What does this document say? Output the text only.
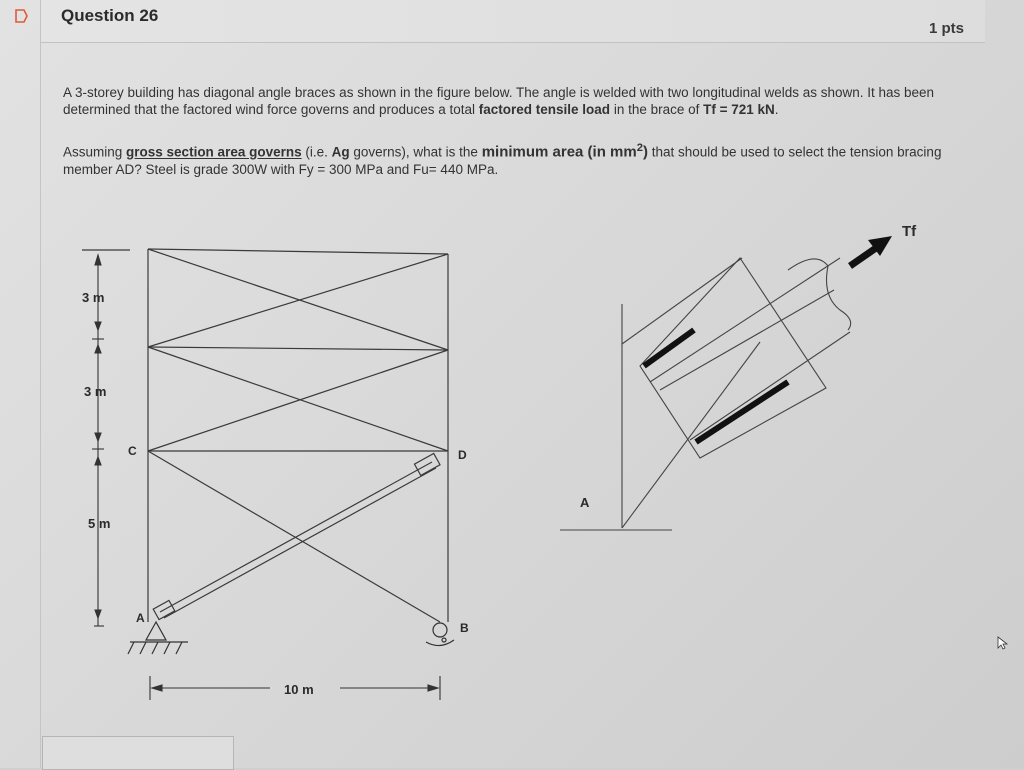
Question 26
1 pts
A 3-storey building has diagonal angle braces as shown in the figure below. The angle is welded with two longitudinal welds as shown. It has been determined that the factored wind force governs and produces a total factored tensile load in the brace of Tf = 721 kN.
Assuming gross section area governs (i.e. Ag governs), what is the minimum area (in $mm^2$) that should be used to select the tension bracing member AD? Steel is grade 300W with Fy = 300 MPa and Fu= 440 MPa.
3 m
3 m
5 m
10 m
C	D
A
B
Tf
A
